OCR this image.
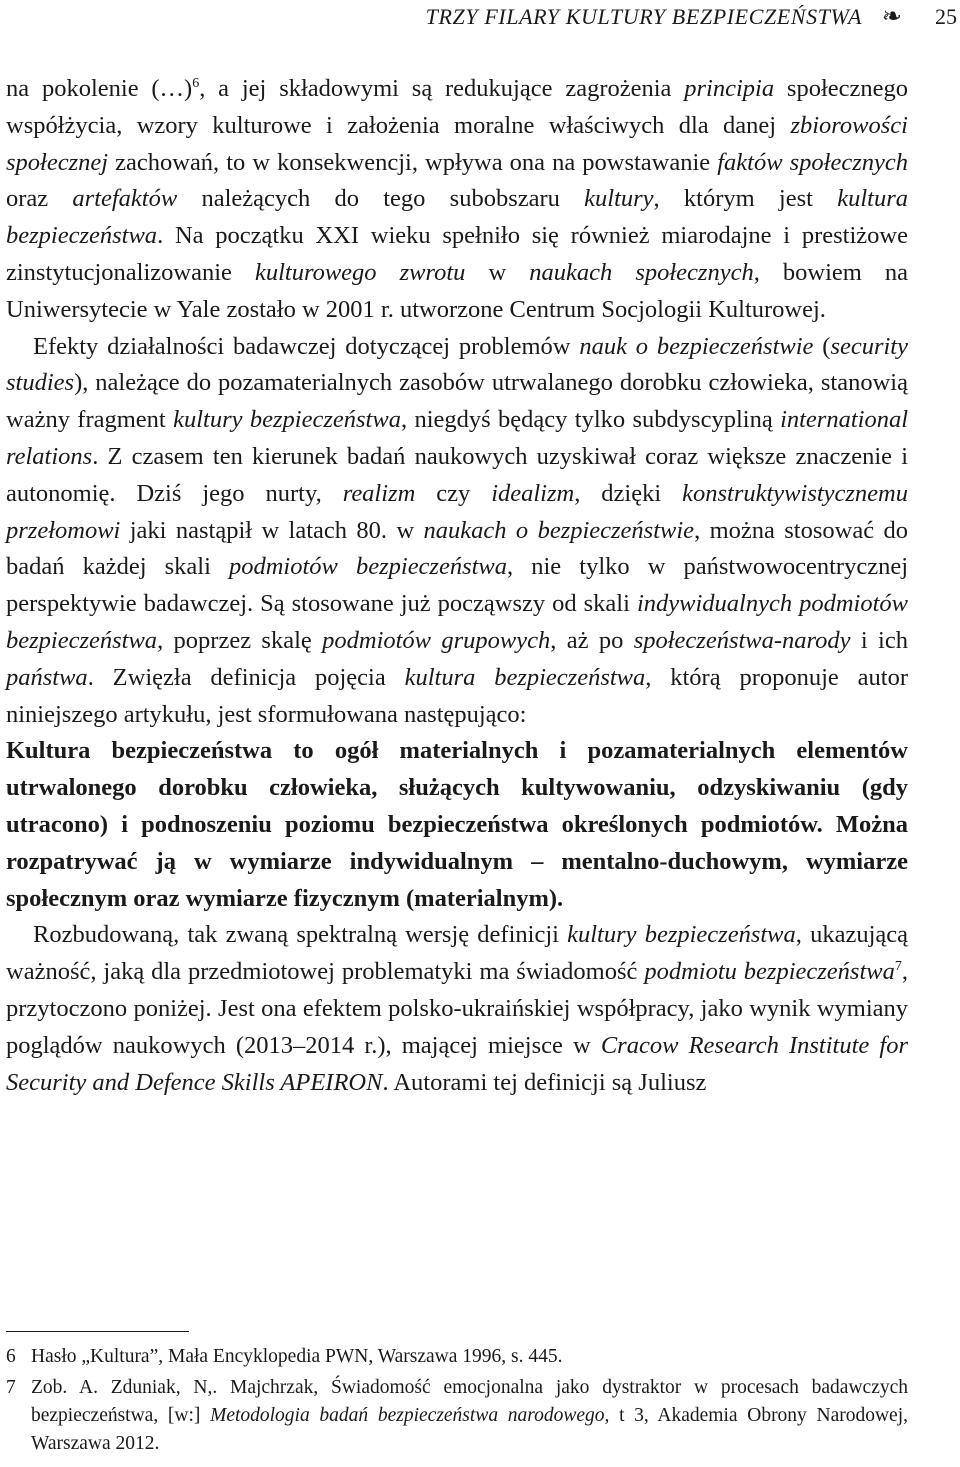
TRZY FILARY KULTURY BEZPIECZEŃSTWA ❧ 25

na pokolenie (…)$^6$, a jej składowymi są redukujące zagrożenia principia społecznego współżycia, wzory kulturowe i założenia moralne właściwych dla danej zbiorowości społecznej zachowań, to w konsekwencji, wpływa ona na powstawanie faktów społecznych oraz artefaktów należących do tego subobszaru kultury, którym jest kultura bezpieczeństwa. Na początku XXI wieku spełniło się również miarodajne i prestiżowe zinstytucjonalizowanie kulturowego zwrotu w naukach społecznych, bowiem na Uniwersytecie w Yale zostało w 2001 r. utworzone Centrum Socjologii Kulturowej.

Efekty działalności badawczej dotyczącej problemów nauk o bezpieczeństwie (security studies), należące do pozamaterialnych zasobów utrwalanego dorobku człowieka, stanowią ważny fragment kultury bezpieczeństwa, niegdyś będący tylko subdyscypliną international relations. Z czasem ten kierunek badań naukowych uzyskiwał coraz większe znaczenie i autonomię. Dziś jego nurty, realizm czy idealizm, dzięki konstruktywistycznemu przełomowi jaki nastąpił w latach 80. w naukach o bezpieczeństwie, można stosować do badań każdej skali podmiotów bezpieczeństwa, nie tylko w państwowocentrycznej perspektywie badawczej. Są stosowane już począwszy od skali indywidualnych podmiotów bezpieczeństwa, poprzez skalę podmiotów grupowych, aż po społeczeństwa-narody i ich państwa. Zwięzła definicja pojęcia kultura bezpieczeństwa, którą proponuje autor niniejszego artykułu, jest sformułowana następująco:

Kultura bezpieczeństwa to ogół materialnych i pozamaterialnych elementów utrwalonego dorobku człowieka, służących kultywowaniu, odzyskiwaniu (gdy utracono) i podnoszeniu poziomu bezpieczeństwa określonych podmiotów. Można rozpatrywać ją w wymiarze indywidualnym – mentalno-duchowym, wymiarze społecznym oraz wymiarze fizycznym (materialnym).

Rozbudowaną, tak zwaną spektralną wersję definicji kultury bezpieczeństwa, ukazującą ważność, jaką dla przedmiotowej problematyki ma świadomość podmiotu bezpieczeństwa$^7$, przytoczono poniżej. Jest ona efektem polsko-ukraińskiej współpracy, jako wynik wymiany poglądów naukowych (2013–2014 r.), mającej miejsce w Cracow Research Institute for Security and Defence Skills APEIRON. Autorami tej definicji są Juliusz

6 Hasło „Kultura”, Mała Encyklopedia PWN, Warszawa 1996, s. 445.
7 Zob. A. Zduniak, N,. Majchrzak, Świadomość emocjonalna jako dystraktor w procesach badawczych bezpieczeństwa, [w:] Metodologia badań bezpieczeństwa narodowego, t 3, Akademia Obrony Narodowej, Warszawa 2012.
